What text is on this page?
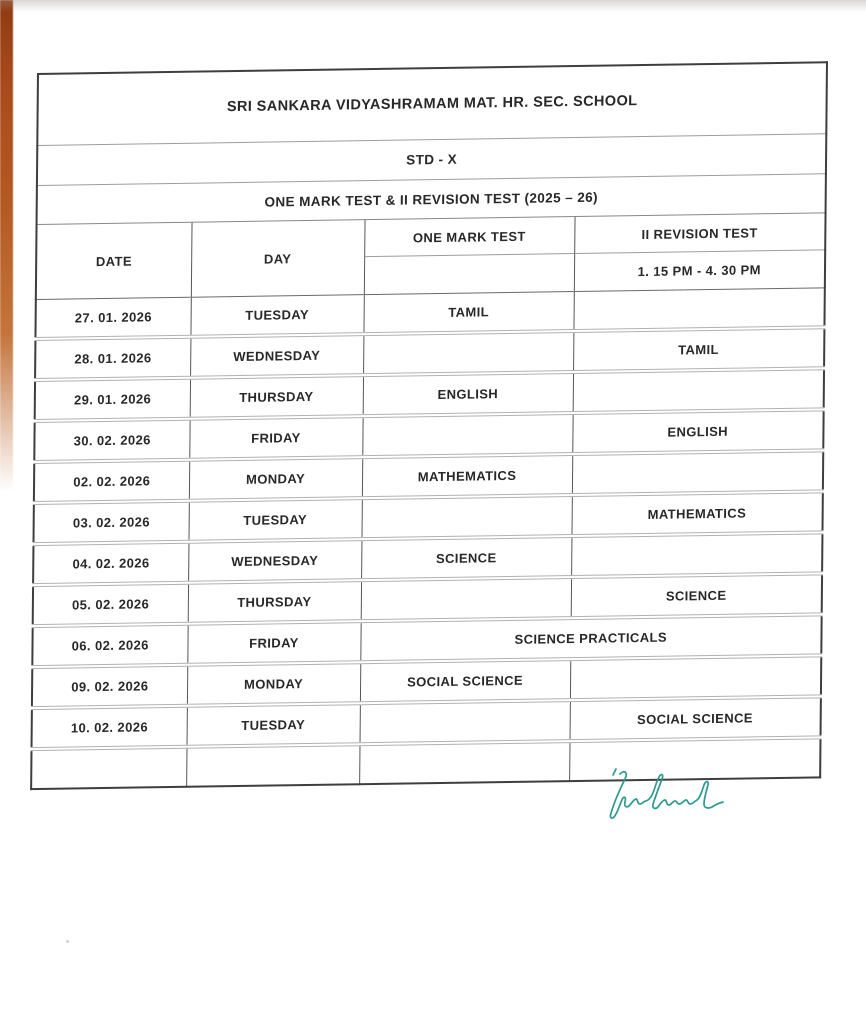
SRI SANKARA VIDYASHRAMAM MAT. HR. SEC. SCHOOL			
STD - X			
ONE MARK TEST & II REVISION TEST (2025 – 26)			
DATE	DAY	ONE MARK TEST	II REVISION TEST
			1. 15 PM - 4. 30 PM
27. 01. 2026	TUESDAY	TAMIL	
28. 01. 2026	WEDNESDAY		TAMIL
29. 01. 2026	THURSDAY	ENGLISH	
30. 02. 2026	FRIDAY		ENGLISH
02. 02. 2026	MONDAY	MATHEMATICS	
03. 02. 2026	TUESDAY		MATHEMATICS
04. 02. 2026	WEDNESDAY	SCIENCE	
05. 02. 2026	THURSDAY		SCIENCE
06. 02. 2026	FRIDAY	SCIENCE PRACTICALS	
09. 02. 2026	MONDAY	SOCIAL SCIENCE	
10. 02. 2026	TUESDAY		SOCIAL SCIENCE
